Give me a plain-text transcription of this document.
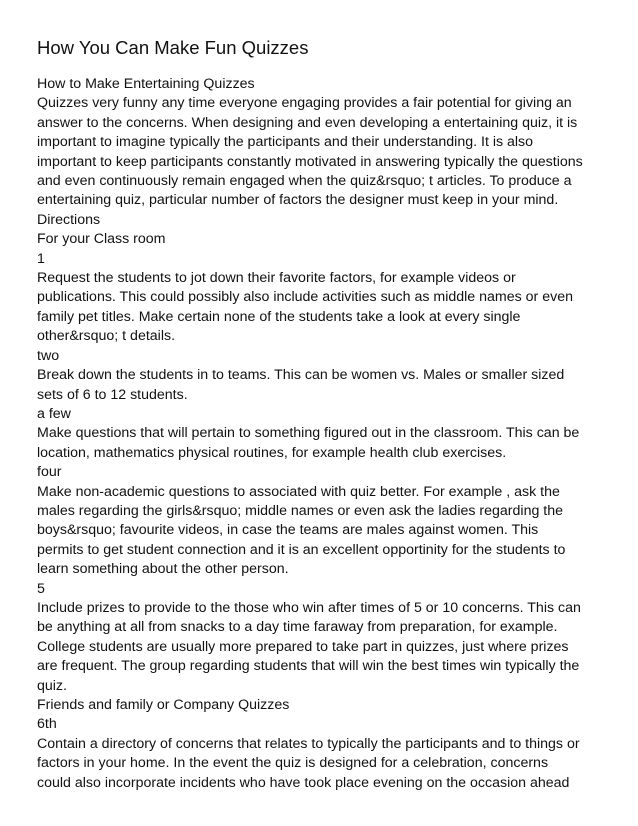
How You Can Make Fun Quizzes

How to Make Entertaining Quizzes

Quizzes very funny any time everyone engaging provides a fair potential for giving an

answer to the concerns. When designing and even developing a entertaining quiz, it is

important to imagine typically the participants and their understanding. It is also

important to keep participants constantly motivated in answering typically the questions

and even continuously remain engaged when the quiz&rsquo; t articles. To produce a

entertaining quiz, particular number of factors the designer must keep in your mind.

Directions

For your Class room

1

Request the students to jot down their favorite factors, for example videos or

publications. This could possibly also include activities such as middle names or even

family pet titles. Make certain none of the students take a look at every single

other&rsquo; t details.

two

Break down the students in to teams. This can be women vs. Males or smaller sized

sets of 6 to 12 students.

a few

Make questions that will pertain to something figured out in the classroom. This can be

location, mathematics physical routines, for example health club exercises.

four

Make non-academic questions to associated with quiz better. For example , ask the

males regarding the girls&rsquo; middle names or even ask the ladies regarding the

boys&rsquo; favourite videos, in case the teams are males against women. This

permits to get student connection and it is an excellent opportinity for the students to

learn something about the other person.

5

Include prizes to provide to the those who win after times of 5 or 10 concerns. This can

be anything at all from snacks to a day time faraway from preparation, for example.

College students are usually more prepared to take part in quizzes, just where prizes

are frequent. The group regarding students that will win the best times win typically the

quiz.

Friends and family or Company Quizzes

6th

Contain a directory of concerns that relates to typically the participants and to things or

factors in your home. In the event the quiz is designed for a celebration, concerns

could also incorporate incidents who have took place evening on the occasion ahead
